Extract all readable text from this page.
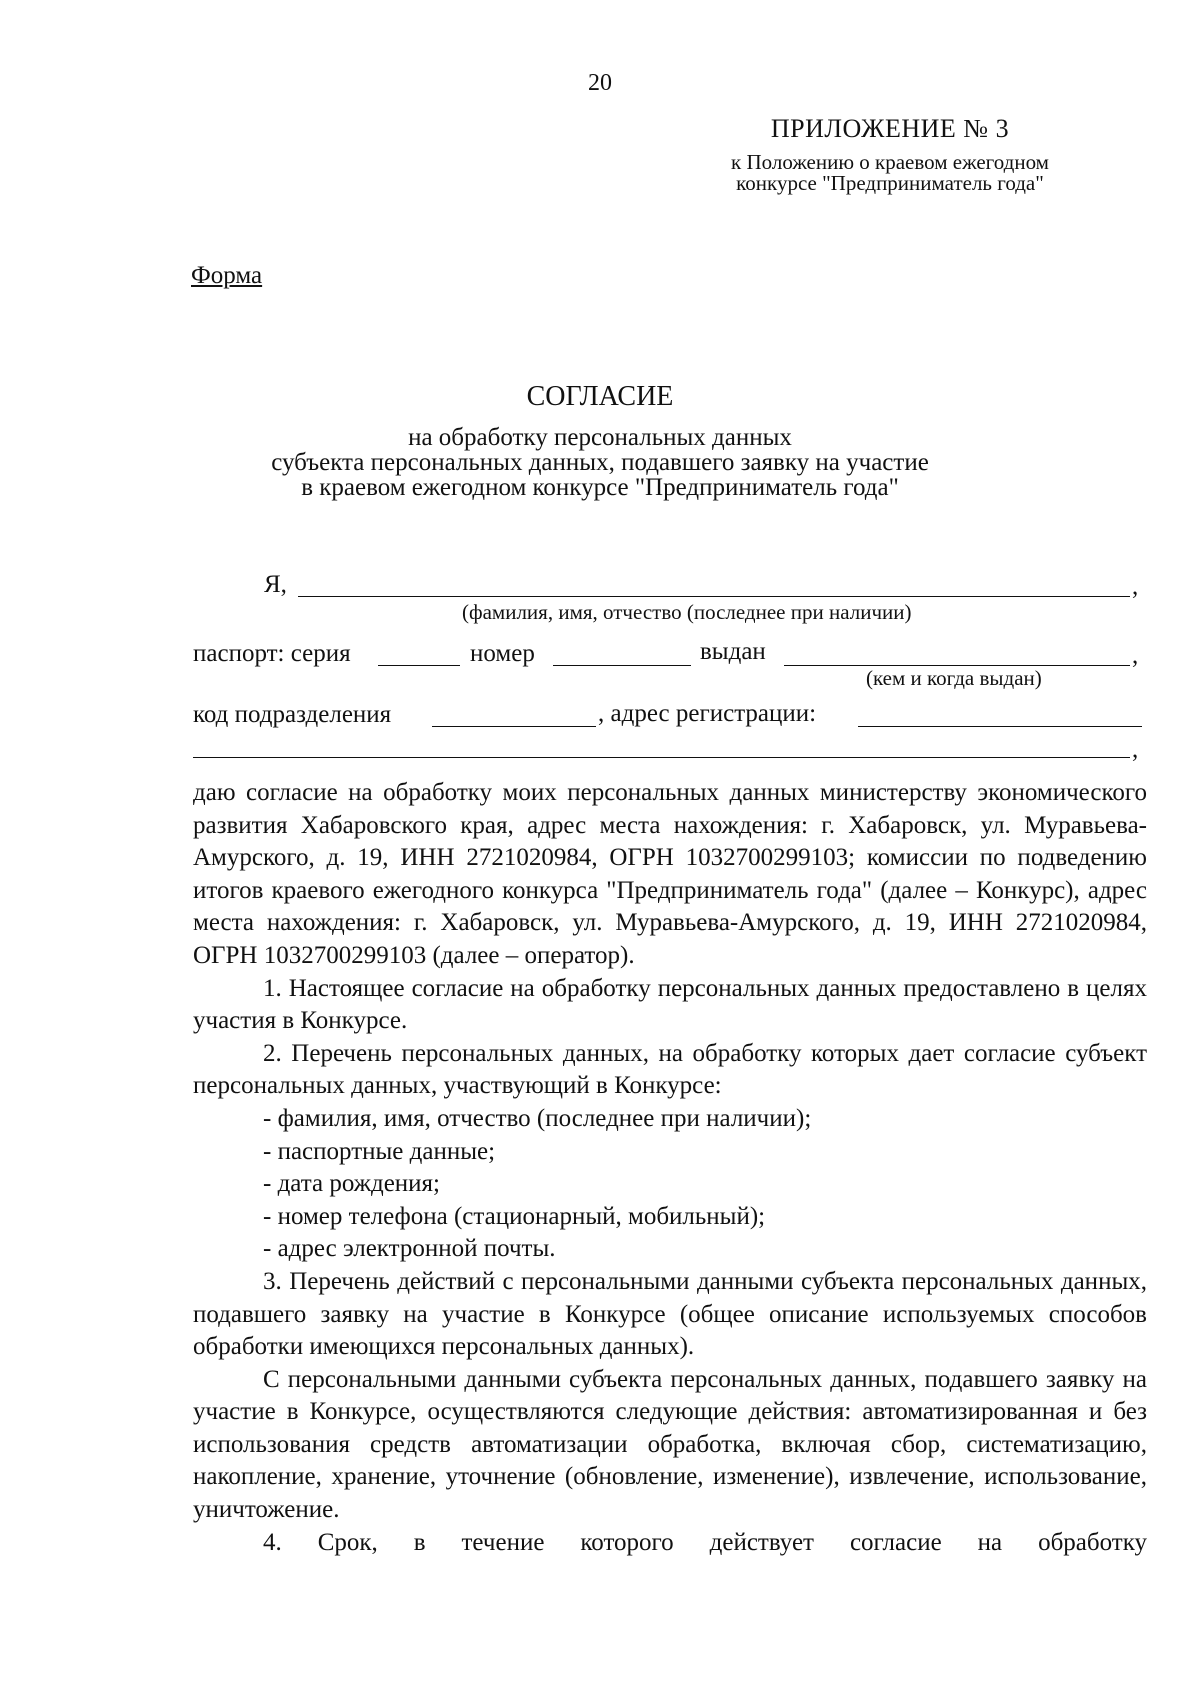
20
ПРИЛОЖЕНИЕ № 3
к Положению о краевом ежегодном
конкурсе "Предприниматель года"
Форма
СОГЛАСИЕ
на обработку персональных данных
субъекта персональных данных, подавшего заявку на участие
в краевом ежегодном конкурсе "Предприниматель года"
Я,	,
(фамилия, имя, отчество (последнее при наличии)
паспорт: серия	номер	выдан	,
(кем и когда выдан)
код подразделения	, адрес регистрации:
,

даю согласие на обработку моих персональных данных министерству экономического развития Хабаровского края, адрес места нахождения: г. Хабаровск, ул. Муравьева-Амурского, д. 19, ИНН 2721020984, ОГРН 1032700299103; комиссии по подведению итогов краевого ежегодного конкурса "Предприниматель года" (далее – Конкурс), адрес места нахождения: г. Хабаровск, ул. Муравьева-Амурского, д. 19, ИНН 2721020984, ОГРН 1032700299103 (далее – оператор).

1. Настоящее согласие на обработку персональных данных предоставлено в целях участия в Конкурсе.

2. Перечень персональных данных, на обработку которых дает согласие субъект персональных данных, участвующий в Конкурсе:

- фамилия, имя, отчество (последнее при наличии);

- паспортные данные;

- дата рождения;

- номер телефона (стационарный, мобильный);

- адрес электронной почты.

3. Перечень действий с персональными данными субъекта персональных данных, подавшего заявку на участие в Конкурсе (общее описание используемых способов обработки имеющихся персональных данных).

С персональными данными субъекта персональных данных, подавшего заявку на участие в Конкурсе, осуществляются следующие действия: автоматизированная и без использования средств автоматизации обработка, включая сбор, систематизацию, накопление, хранение, уточнение (обновление, изменение), извлечение, использование, уничтожение.

4. Срок, в течение которого действует согласие на обработку
